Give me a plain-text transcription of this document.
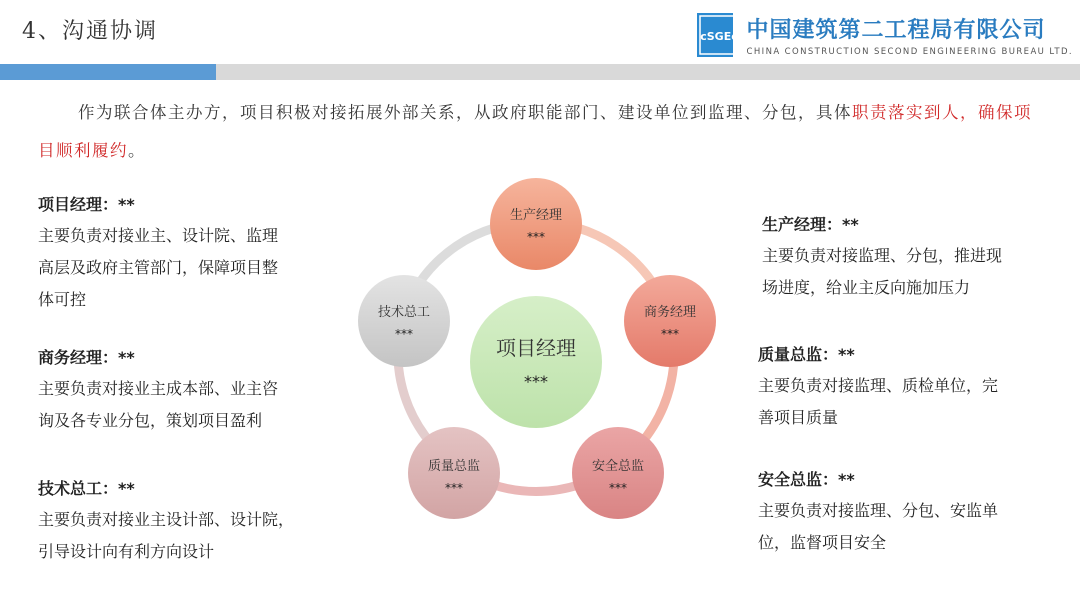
4、沟通协调	cSGEc 中国建筑第二工程局有限公司
CHINA CONSTRUCTION SECOND ENGINEERING BUREAU LTD.
作为联合体主办方，项目积极对接拓展外部关系，从政府职能部门、建设单位到监理、分包，具体职责落实到人，确保项目顺利履约。
项目经理：**
主要负责对接业主、设计院、监理
高层及政府主管部门，保障项目整
体可控
商务经理：**
主要负责对接业主成本部、业主咨
询及各专业分包，策划项目盈利
技术总工：**
主要负责对接业主设计部、设计院，
引导设计向有利方向设计
生产经理：**
主要负责对接监理、分包，推进现
场进度，给业主反向施加压力
质量总监：**
主要负责对接监理、质检单位，完
善项目质量
安全总监：**
主要负责对接监理、分包、安监单
位，监督项目安全
项目经理
***
生产经理
***
商务经理
***
安全总监
***
质量总监
***
技术总工
***
